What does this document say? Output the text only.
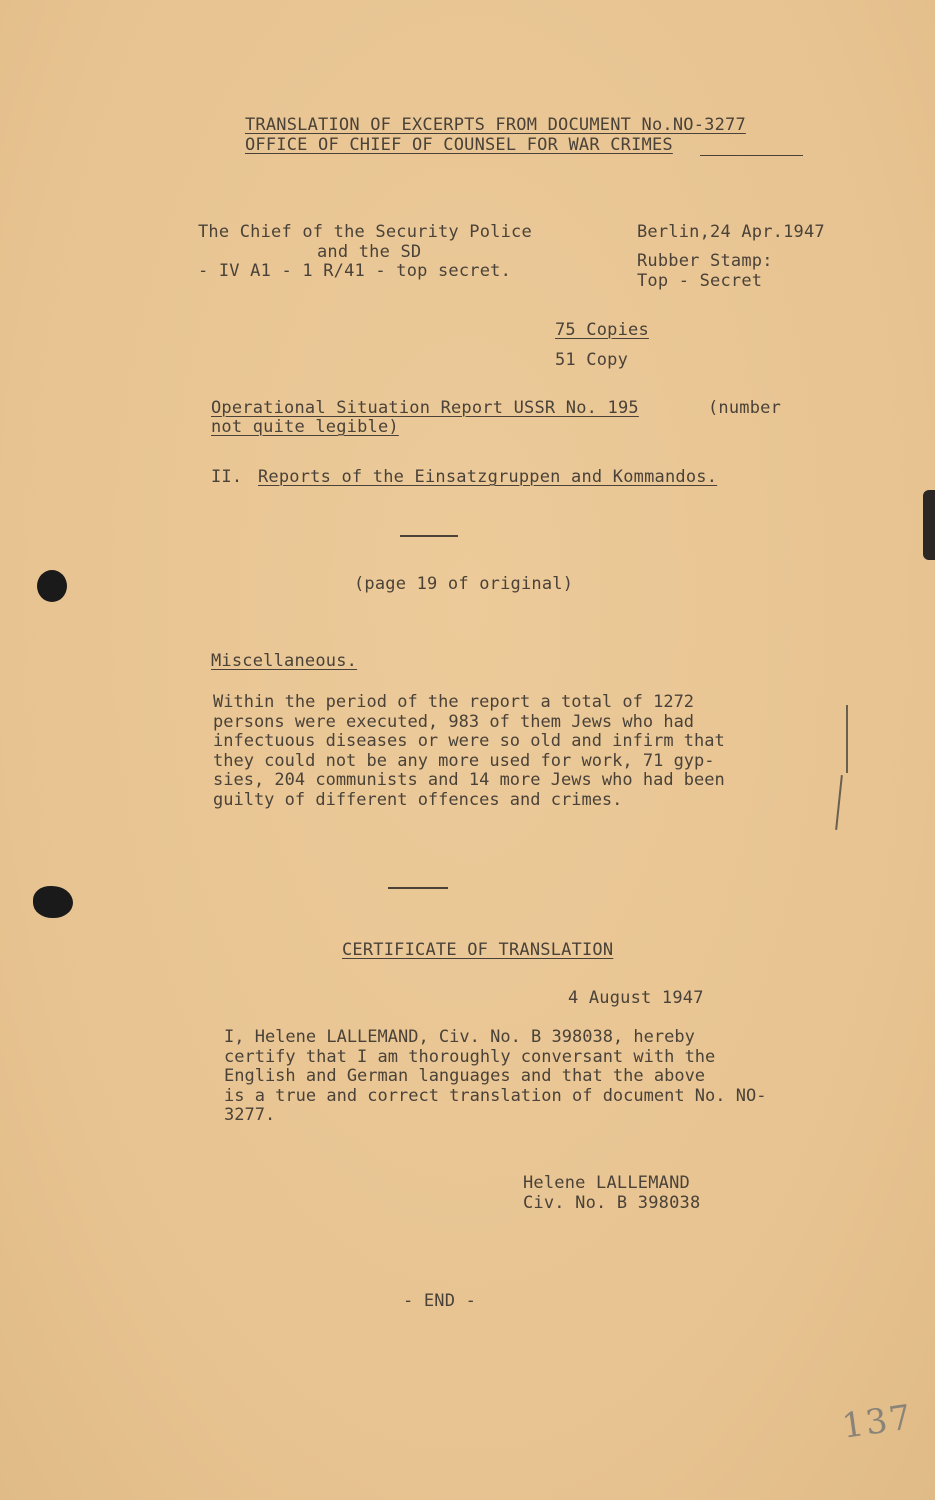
TRANSLATION OF EXCERPTS FROM DOCUMENT No.NO-3277
OFFICE OF CHIEF OF COUNSEL FOR WAR CRIMES
The Chief of the Security Police
and the SD
- IV A1 - 1 R/41 - top secret.
Berlin,24 Apr.1947
Rubber Stamp:
Top - Secret
75 Copies
51 Copy
Operational Situation Report USSR No. 195	(number
not quite legible)
II. Reports of the Einsatzgruppen and Kommandos.
(page 19 of original)
Miscellaneous.
Within the period of the report a total of 1272
persons were executed, 983 of them Jews who had
infectuous diseases or were so old and infirm that
they could not be any more used for work, 71 gyp-
sies, 204 communists and 14 more Jews who had been
guilty of different offences and crimes.
CERTIFICATE OF TRANSLATION
4 August 1947
I, Helene LALLEMAND, Civ. No. B 398038, hereby
certify that I am thoroughly conversant with the
English and German languages and that the above
is a true and correct translation of document No. NO-
3277.
Helene LALLEMAND
Civ. No. B 398038
- END -
137
